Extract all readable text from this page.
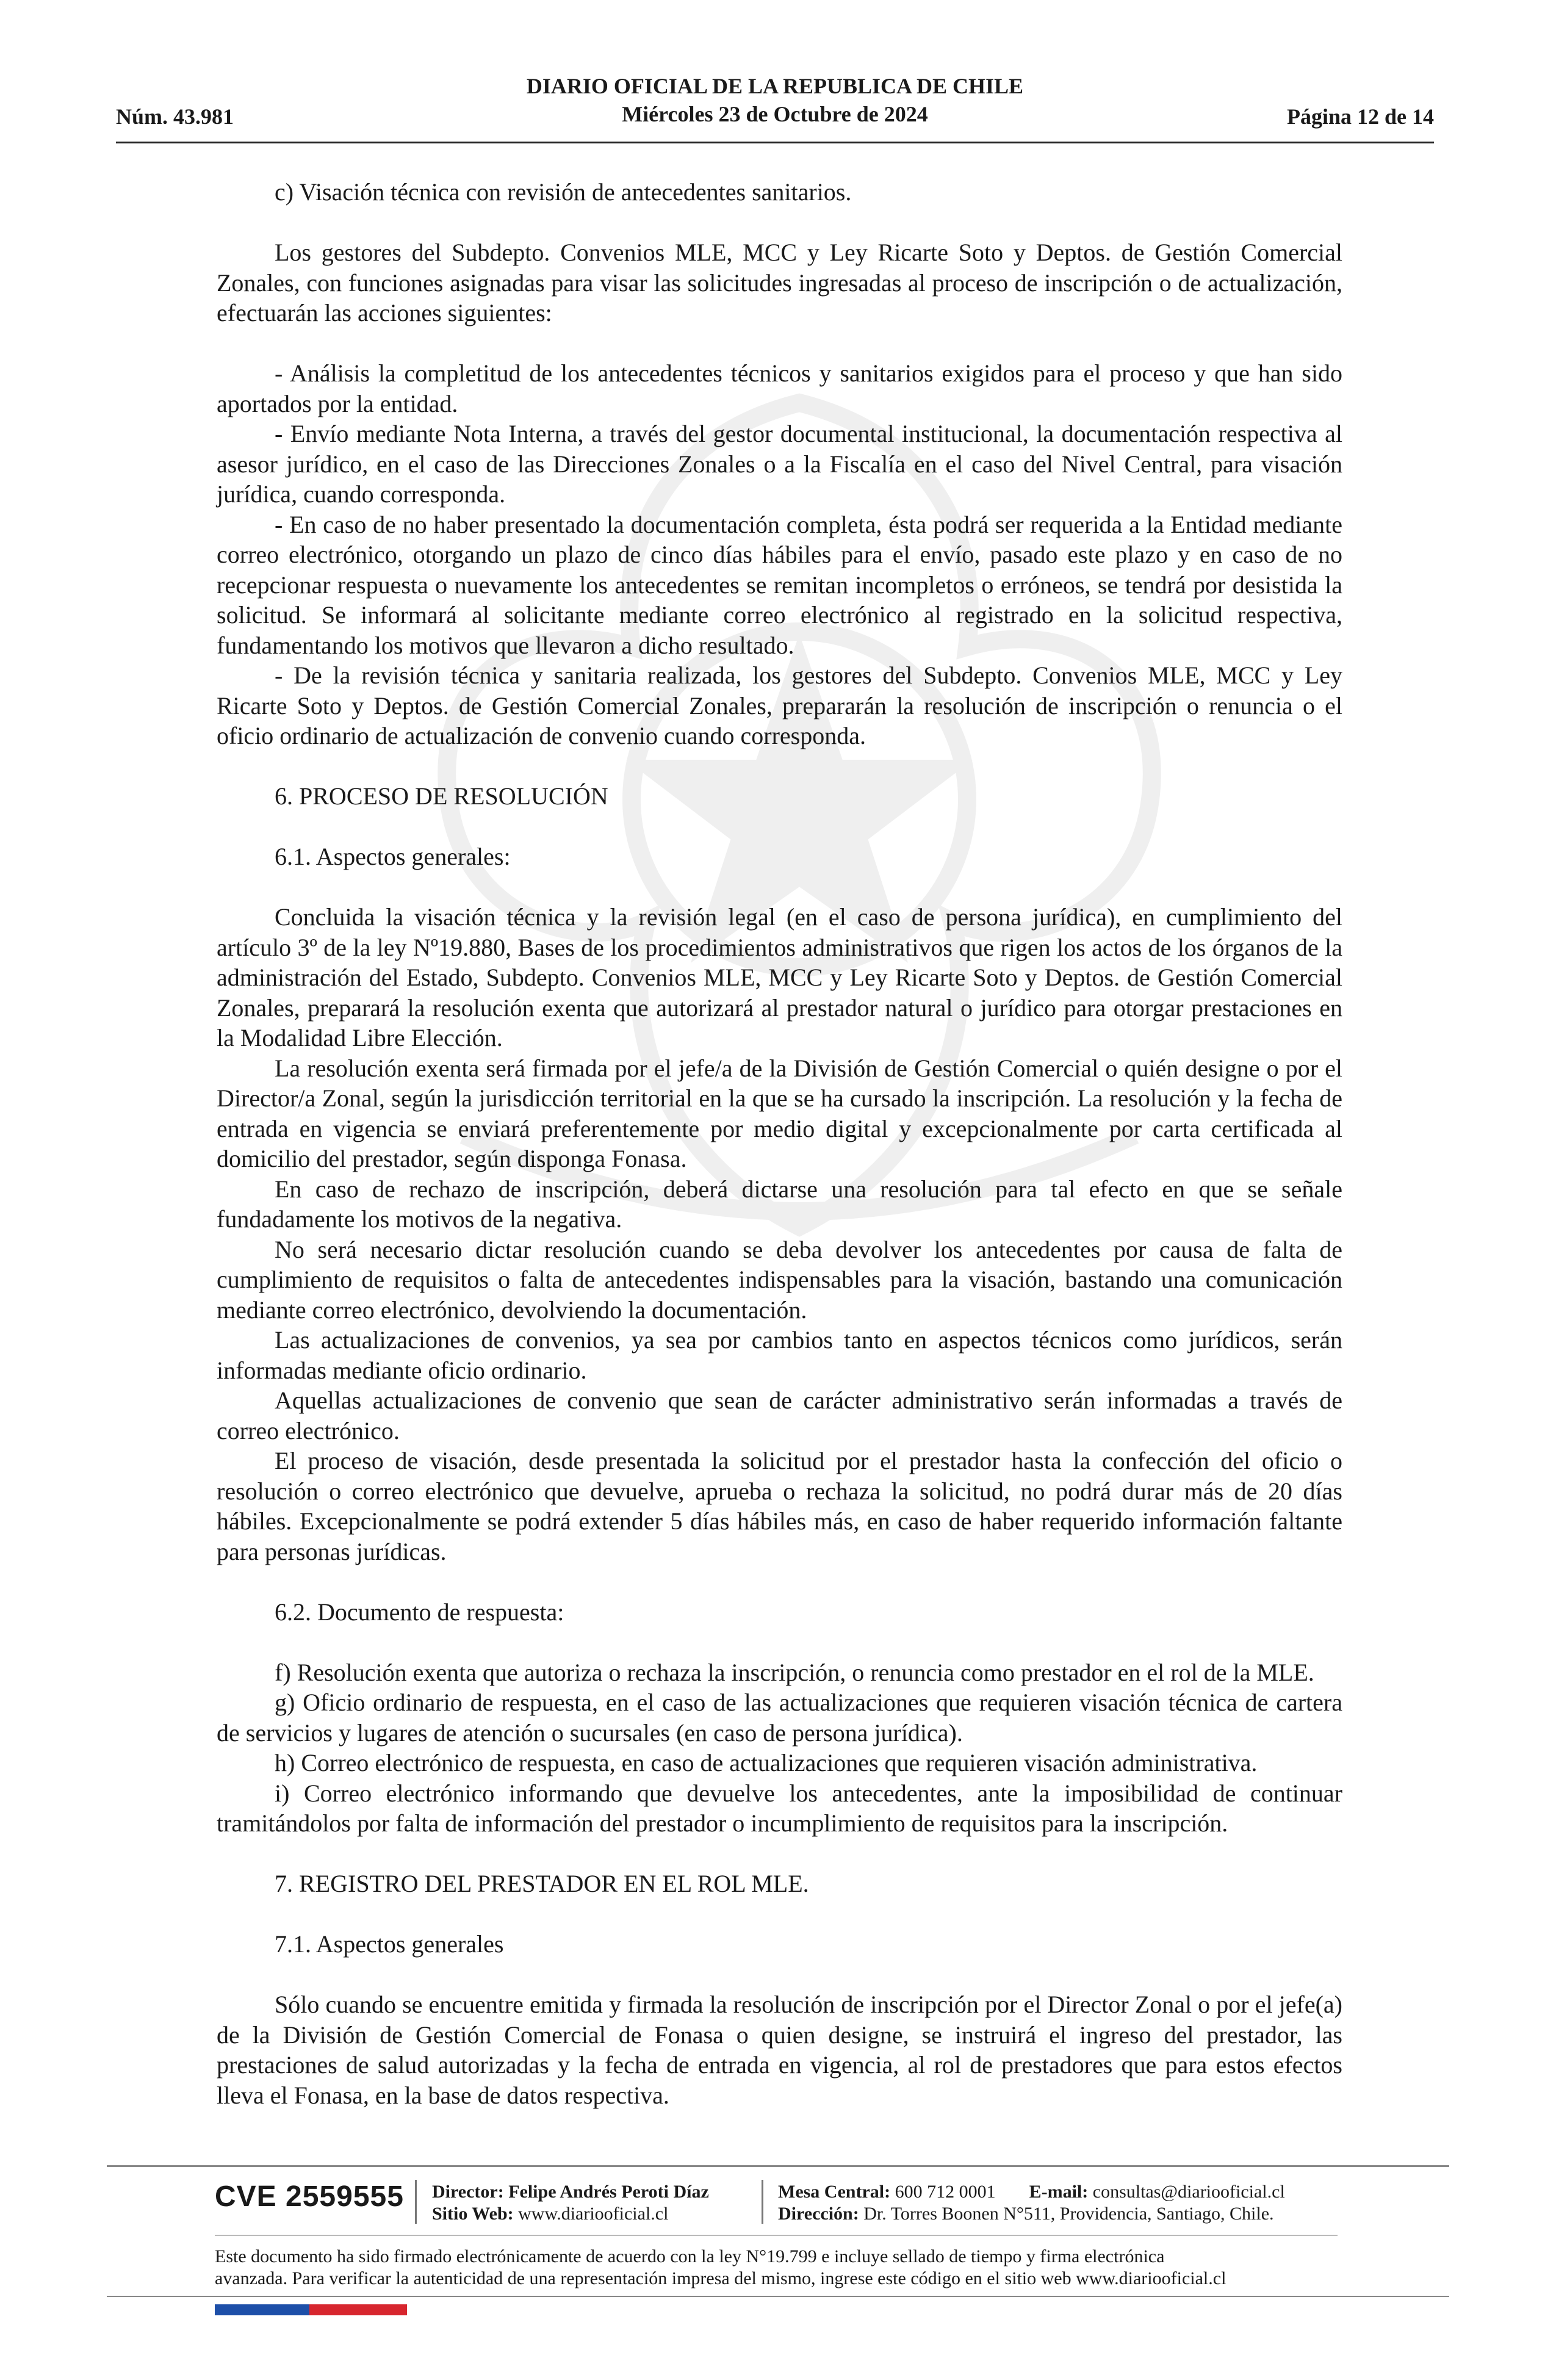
DIARIO OFICIAL DE LA REPUBLICA DE CHILE
Miércoles 23 de Octubre de 2024
Núm. 43.981	Página 12 de 14

c) Visación técnica con revisión de antecedentes sanitarios.

Los gestores del Subdepto. Convenios MLE, MCC y Ley Ricarte Soto y Deptos. de Gestión Comercial Zonales, con funciones asignadas para visar las solicitudes ingresadas al proceso de inscripción o de actualización, efectuarán las acciones siguientes:

- Análisis la completitud de los antecedentes técnicos y sanitarios exigidos para el proceso y que han sido aportados por la entidad.

- Envío mediante Nota Interna, a través del gestor documental institucional, la documentación respectiva al asesor jurídico, en el caso de las Direcciones Zonales o a la Fiscalía en el caso del Nivel Central, para visación jurídica, cuando corresponda.

- En caso de no haber presentado la documentación completa, ésta podrá ser requerida a la Entidad mediante correo electrónico, otorgando un plazo de cinco días hábiles para el envío, pasado este plazo y en caso de no recepcionar respuesta o nuevamente los antecedentes se remitan incompletos o erróneos, se tendrá por desistida la solicitud. Se informará al solicitante mediante correo electrónico al registrado en la solicitud respectiva, fundamentando los motivos que llevaron a dicho resultado.

- De la revisión técnica y sanitaria realizada, los gestores del Subdepto. Convenios MLE, MCC y Ley Ricarte Soto y Deptos. de Gestión Comercial Zonales, prepararán la resolución de inscripción o renuncia o el oficio ordinario de actualización de convenio cuando corresponda.

6. PROCESO DE RESOLUCIÓN

6.1. Aspectos generales:

Concluida la visación técnica y la revisión legal (en el caso de persona jurídica), en cumplimiento del artículo 3º de la ley Nº19.880, Bases de los procedimientos administrativos que rigen los actos de los órganos de la administración del Estado, Subdepto. Convenios MLE, MCC y Ley Ricarte Soto y Deptos. de Gestión Comercial Zonales, preparará la resolución exenta que autorizará al prestador natural o jurídico para otorgar prestaciones en la Modalidad Libre Elección.

La resolución exenta será firmada por el jefe/a de la División de Gestión Comercial o quién designe o por el Director/a Zonal, según la jurisdicción territorial en la que se ha cursado la inscripción. La resolución y la fecha de entrada en vigencia se enviará preferentemente por medio digital y excepcionalmente por carta certificada al domicilio del prestador, según disponga Fonasa.

En caso de rechazo de inscripción, deberá dictarse una resolución para tal efecto en que se señale fundadamente los motivos de la negativa.

No será necesario dictar resolución cuando se deba devolver los antecedentes por causa de falta de cumplimiento de requisitos o falta de antecedentes indispensables para la visación, bastando una comunicación mediante correo electrónico, devolviendo la documentación.

Las actualizaciones de convenios, ya sea por cambios tanto en aspectos técnicos como jurídicos, serán informadas mediante oficio ordinario.

Aquellas actualizaciones de convenio que sean de carácter administrativo serán informadas a través de correo electrónico.

El proceso de visación, desde presentada la solicitud por el prestador hasta la confección del oficio o resolución o correo electrónico que devuelve, aprueba o rechaza la solicitud, no podrá durar más de 20 días hábiles. Excepcionalmente se podrá extender 5 días hábiles más, en caso de haber requerido información faltante para personas jurídicas.

6.2. Documento de respuesta:

f) Resolución exenta que autoriza o rechaza la inscripción, o renuncia como prestador en el rol de la MLE.

g) Oficio ordinario de respuesta, en el caso de las actualizaciones que requieren visación técnica de cartera de servicios y lugares de atención o sucursales (en caso de persona jurídica).

h) Correo electrónico de respuesta, en caso de actualizaciones que requieren visación administrativa.

i) Correo electrónico informando que devuelve los antecedentes, ante la imposibilidad de continuar tramitándolos por falta de información del prestador o incumplimiento de requisitos para la inscripción.

7. REGISTRO DEL PRESTADOR EN EL ROL MLE.

7.1. Aspectos generales

Sólo cuando se encuentre emitida y firmada la resolución de inscripción por el Director Zonal o por el jefe(a) de la División de Gestión Comercial de Fonasa o quien designe, se instruirá el ingreso del prestador, las prestaciones de salud autorizadas y la fecha de entrada en vigencia, al rol de prestadores que para estos efectos lleva el Fonasa, en la base de datos respectiva.

CVE 2559555 Director: Felipe Andrés Peroti Díaz
Sitio Web: www.diariooficial.cl
Mesa Central: 600 712 0001 E-mail: consultas@diariooficial.cl
Dirección: Dr. Torres Boonen N°511, Providencia, Santiago, Chile.
Este documento ha sido firmado electrónicamente de acuerdo con la ley N°19.799 e incluye sellado de tiempo y firma electrónica
avanzada. Para verificar la autenticidad de una representación impresa del mismo, ingrese este código en el sitio web www.diariooficial.cl
